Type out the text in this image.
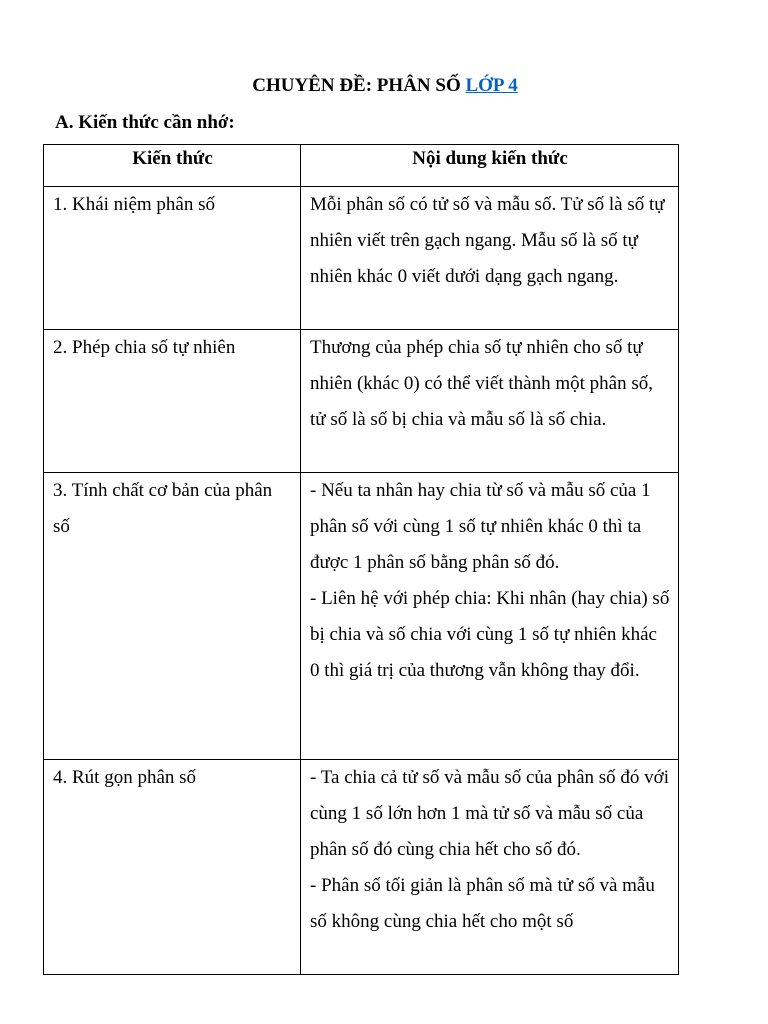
CHUYÊN ĐỀ: PHÂN SỐ LỚP 4
A. Kiến thức cần nhớ:
Kiến thức	Nội dung kiến thức
1. Khái niệm phân số	Mỗi phân số có tử số và mẫu số. Tử số là số tự nhiên viết trên gạch ngang. Mẫu số là số tự nhiên khác 0 viết dưới dạng gạch ngang.

2. Phép chia số tự nhiên	Thương của phép chia số tự nhiên cho số tự nhiên (khác 0) có thể viết thành một phân số, tử số là số bị chia và mẫu số là số chia.

3. Tính chất cơ bản của phân số	- Nếu ta nhân hay chia từ số và mẫu số của 1 phân số với cùng 1 số tự nhiên khác 0 thì ta được 1 phân số bằng phân số đó.
- Liên hệ với phép chia: Khi nhân (hay chia) số bị chia và số chia với cùng 1 số tự nhiên khác 0 thì giá trị của thương vẫn không thay đổi.

4. Rút gọn phân số	- Ta chia cả tử số và mẫu số của phân số đó với cùng 1 số lớn hơn 1 mà tử số và mẫu số của phân số đó cùng chia hết cho số đó.
- Phân số tối giản là phân số mà tử số và mẫu số không cùng chia hết cho một số
